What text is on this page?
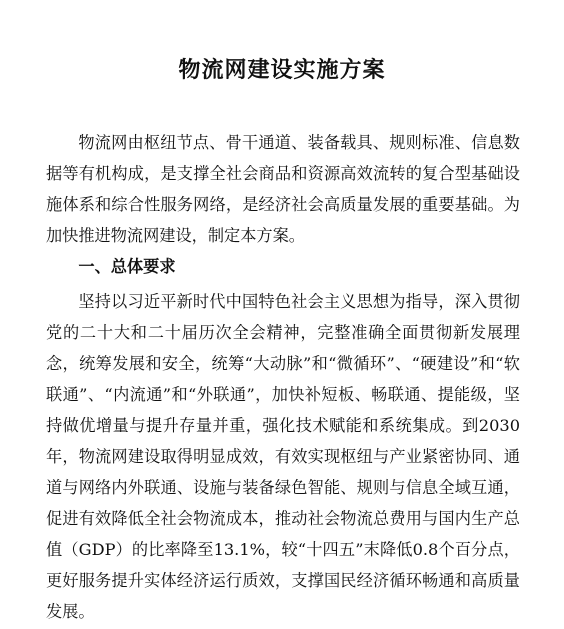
物流网建设实施方案

物流网由枢纽节点、骨干通道、装备载具、规则标准、信息数据等有机构成，是支撑全社会商品和资源高效流转的复合型基础设施体系和综合性服务网络，是经济社会高质量发展的重要基础。为加快推进物流网建设，制定本方案。

一、总体要求

坚持以习近平新时代中国特色社会主义思想为指导，深入贯彻党的二十大和二十届历次全会精神，完整准确全面贯彻新发展理念，统筹发展和安全，统筹“大动脉”和“微循环”、“硬建设”和“软联通”、“内流通”和“外联通”，加快补短板、畅联通、提能级，坚持做优增量与提升存量并重，强化技术赋能和系统集成。到2030年，物流网建设取得明显成效，有效实现枢纽与产业紧密协同、通道与网络内外联通、设施与装备绿色智能、规则与信息全域互通，促进有效降低全社会物流成本，推动社会物流总费用与国内生产总值（GDP）的比率降至13.1%，较“十四五”末降低0.8个百分点，更好服务提升实体经济运行质效，支撑国民经济循环畅通和高质量发展。
